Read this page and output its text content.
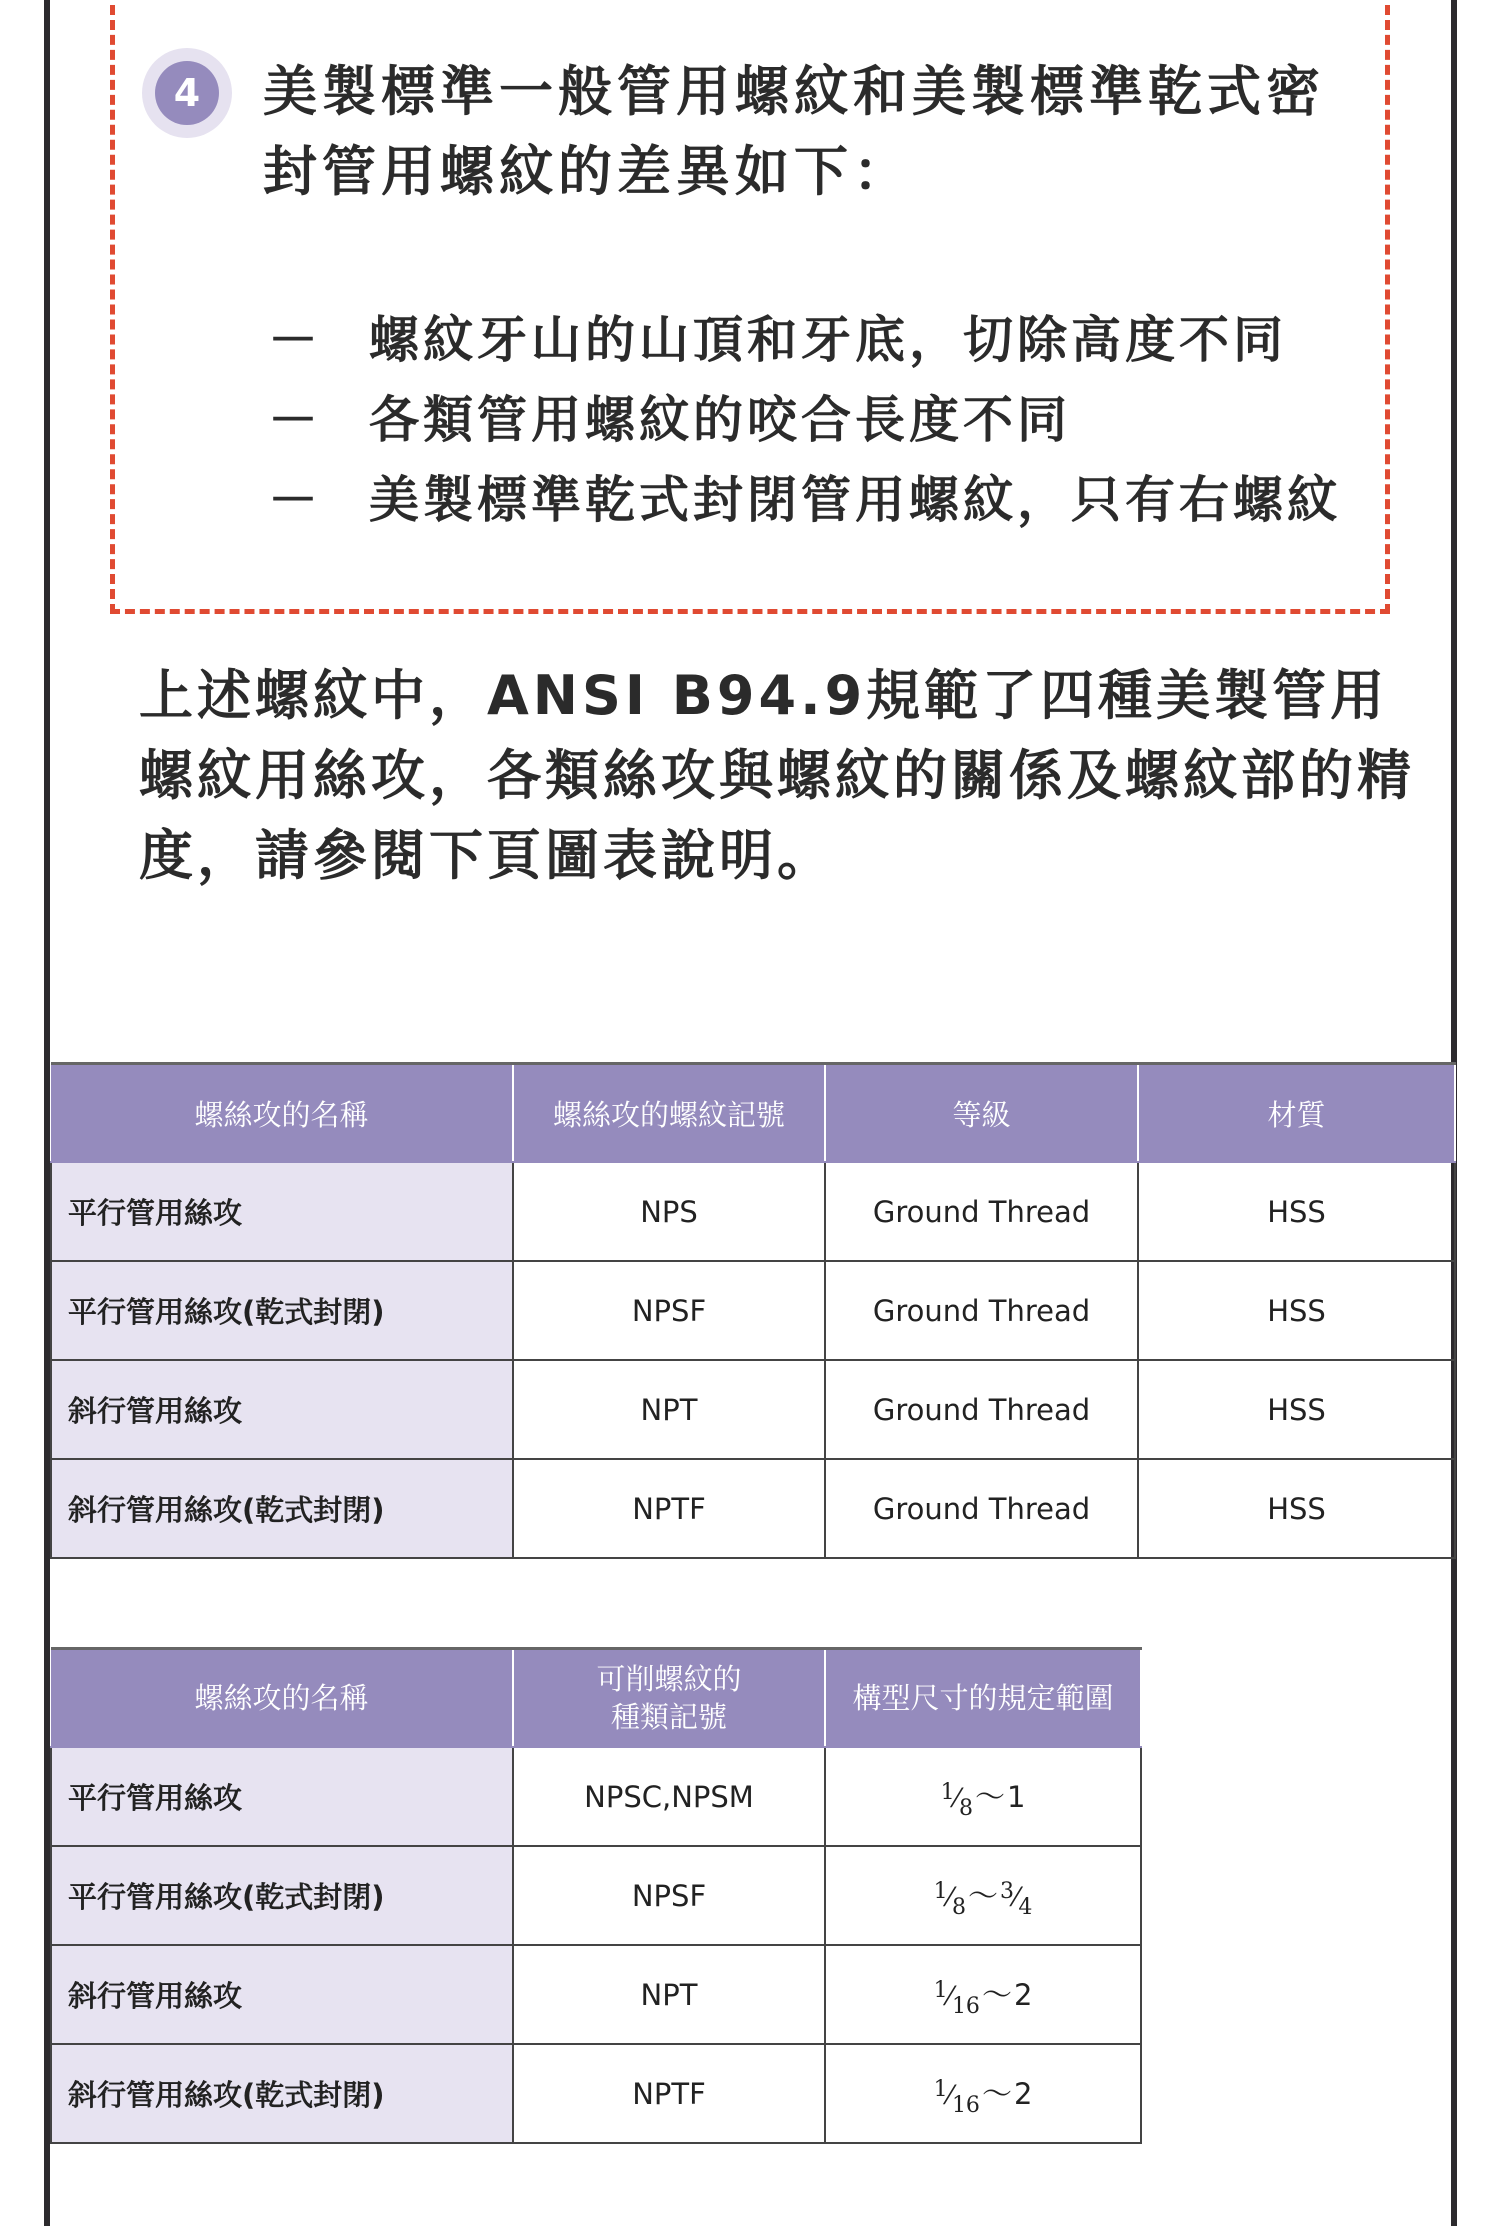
4	美製標準一般管用螺紋和美製標準乾式密封管用螺紋的差異如下：
－ 螺紋牙山的山頂和牙底，切除高度不同
－ 各類管用螺紋的咬合長度不同
－ 美製標準乾式封閉管用螺紋，只有右螺紋
上述螺紋中，ANSI B94.9規範了四種美製管用螺紋用絲攻，各類絲攻與螺紋的關係及螺紋部的精度，請參閱下頁圖表說明。
螺絲攻的名稱	螺絲攻的螺紋記號	等級	材質
平行管用絲攻	NPS	Ground Thread	HSS
平行管用絲攻(乾式封閉)	NPSF	Ground Thread	HSS
斜行管用絲攻	NPT	Ground Thread	HSS
斜行管用絲攻(乾式封閉)	NPTF	Ground Thread	HSS
螺絲攻的名稱	可削螺紋的種類記號	構型尺寸的規定範圍
平行管用絲攻	NPSC,NPSM	1⁄8～1
平行管用絲攻(乾式封閉)	NPSF	1⁄8～3⁄4
斜行管用絲攻	NPT	1⁄16～2
斜行管用絲攻(乾式封閉)	NPTF	1⁄16～2
